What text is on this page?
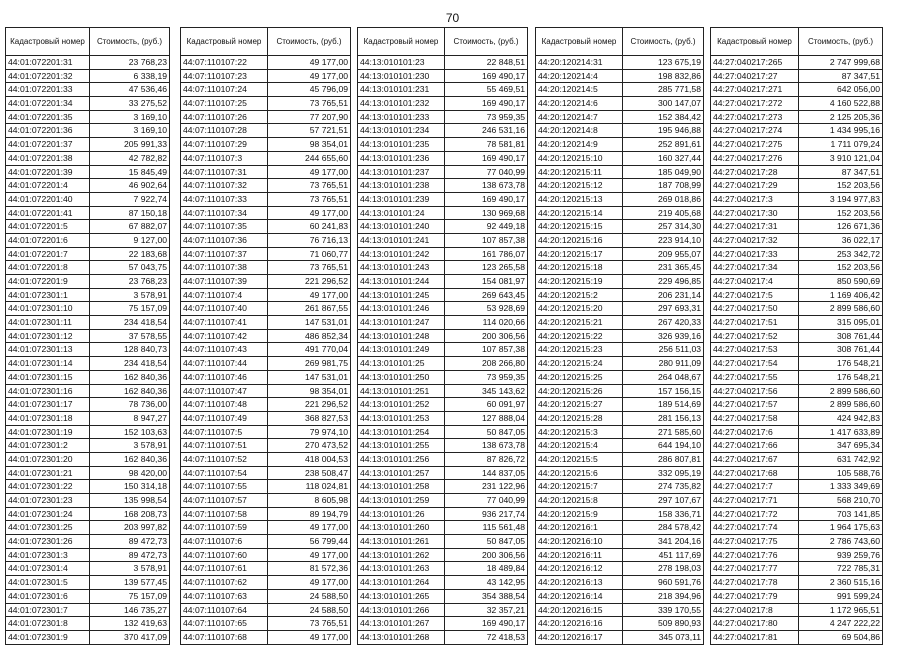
70
Кадастровый номер	Стоимость, (руб.)
44:01:072201:31	23 768,23
44:01:072201:32	6 338,19
44:01:072201:33	47 536,46
44:01:072201:34	33 275,52
44:01:072201:35	3 169,10
44:01:072201:36	3 169,10
44:01:072201:37	205 991,33
44:01:072201:38	42 782,82
44:01:072201:39	15 845,49
44:01:072201:4	46 902,64
44:01:072201:40	7 922,74
44:01:072201:41	87 150,18
44:01:072201:5	67 882,07
44:01:072201:6	9 127,00
44:01:072201:7	22 183,68
44:01:072201:8	57 043,75
44:01:072201:9	23 768,23
44:01:072301:1	3 578,91
44:01:072301:10	75 157,09
44:01:072301:11	234 418,54
44:01:072301:12	37 578,55
44:01:072301:13	128 840,73
44:01:072301:14	234 418,54
44:01:072301:15	162 840,36
44:01:072301:16	162 840,36
44:01:072301:17	78 736,00
44:01:072301:18	8 947,27
44:01:072301:19	152 103,63
44:01:072301:2	3 578,91
44:01:072301:20	162 840,36
44:01:072301:21	98 420,00
44:01:072301:22	150 314,18
44:01:072301:23	135 998,54
44:01:072301:24	168 208,73
44:01:072301:25	203 997,82
44:01:072301:26	89 472,73
44:01:072301:3	89 472,73
44:01:072301:4	3 578,91
44:01:072301:5	139 577,45
44:01:072301:6	75 157,09
44:01:072301:7	146 735,27
44:01:072301:8	132 419,63
44:01:072301:9	370 417,09
Кадастровый номер	Стоимость, (руб.)
44:07:110107:22	49 177,00
44:07:110107:23	49 177,00
44:07:110107:24	45 796,09
44:07:110107:25	73 765,51
44:07:110107:26	77 207,90
44:07:110107:28	57 721,51
44:07:110107:29	98 354,01
44:07:110107:3	244 655,60
44:07:110107:31	49 177,00
44:07:110107:32	73 765,51
44:07:110107:33	73 765,51
44:07:110107:34	49 177,00
44:07:110107:35	60 241,83
44:07:110107:36	76 716,13
44:07:110107:37	71 060,77
44:07:110107:38	73 765,51
44:07:110107:39	221 296,52
44:07:110107:4	49 177,00
44:07:110107:40	261 867,55
44:07:110107:41	147 531,01
44:07:110107:42	486 852,34
44:07:110107:43	491 770,04
44:07:110107:44	269 981,75
44:07:110107:46	147 531,01
44:07:110107:47	98 354,01
44:07:110107:48	221 296,52
44:07:110107:49	368 827,53
44:07:110107:5	79 974,10
44:07:110107:51	270 473,52
44:07:110107:52	418 004,53
44:07:110107:54	238 508,47
44:07:110107:55	118 024,81
44:07:110107:57	8 605,98
44:07:110107:58	89 194,79
44:07:110107:59	49 177,00
44:07:110107:6	56 799,44
44:07:110107:60	49 177,00
44:07:110107:61	81 572,36
44:07:110107:62	49 177,00
44:07:110107:63	24 588,50
44:07:110107:64	24 588,50
44:07:110107:65	73 765,51
44:07:110107:68	49 177,00
Кадастровый номер	Стоимость, (руб.)
44:13:010101:23	22 848,51
44:13:010101:230	169 490,17
44:13:010101:231	55 469,51
44:13:010101:232	169 490,17
44:13:010101:233	73 959,35
44:13:010101:234	246 531,16
44:13:010101:235	78 581,81
44:13:010101:236	169 490,17
44:13:010101:237	77 040,99
44:13:010101:238	138 673,78
44:13:010101:239	169 490,17
44:13:010101:24	130 969,68
44:13:010101:240	92 449,18
44:13:010101:241	107 857,38
44:13:010101:242	161 786,07
44:13:010101:243	123 265,58
44:13:010101:244	154 081,97
44:13:010101:245	269 643,45
44:13:010101:246	53 928,69
44:13:010101:247	114 020,66
44:13:010101:248	200 306,56
44:13:010101:249	107 857,38
44:13:010101:25	208 266,80
44:13:010101:250	73 959,35
44:13:010101:251	345 143,62
44:13:010101:252	60 091,97
44:13:010101:253	127 888,04
44:13:010101:254	50 847,05
44:13:010101:255	138 673,78
44:13:010101:256	87 826,72
44:13:010101:257	144 837,05
44:13:010101:258	231 122,96
44:13:010101:259	77 040,99
44:13:010101:26	936 217,74
44:13:010101:260	115 561,48
44:13:010101:261	50 847,05
44:13:010101:262	200 306,56
44:13:010101:263	18 489,84
44:13:010101:264	43 142,95
44:13:010101:265	354 388,54
44:13:010101:266	32 357,21
44:13:010101:267	169 490,17
44:13:010101:268	72 418,53
Кадастровый номер	Стоимость, (руб.)
44:20:120214:31	123 675,19
44:20:120214:4	198 832,86
44:20:120214:5	285 771,58
44:20:120214:6	300 147,07
44:20:120214:7	152 384,42
44:20:120214:8	195 946,88
44:20:120214:9	252 891,61
44:20:120215:10	160 327,44
44:20:120215:11	185 049,90
44:20:120215:12	187 708,99
44:20:120215:13	269 018,86
44:20:120215:14	219 405,68
44:20:120215:15	257 314,30
44:20:120215:16	223 914,10
44:20:120215:17	209 955,07
44:20:120215:18	231 365,45
44:20:120215:19	229 496,85
44:20:120215:2	206 231,14
44:20:120215:20	297 693,31
44:20:120215:21	267 420,33
44:20:120215:22	326 939,16
44:20:120215:23	256 511,03
44:20:120215:24	280 911,09
44:20:120215:25	264 048,67
44:20:120215:26	157 156,15
44:20:120215:27	189 514,69
44:20:120215:28	281 156,13
44:20:120215:3	271 585,60
44:20:120215:4	644 194,10
44:20:120215:5	286 807,81
44:20:120215:6	332 095,19
44:20:120215:7	274 735,82
44:20:120215:8	297 107,67
44:20:120215:9	158 336,71
44:20:120216:1	284 578,42
44:20:120216:10	341 204,16
44:20:120216:11	451 117,69
44:20:120216:12	278 198,03
44:20:120216:13	960 591,76
44:20:120216:14	218 394,96
44:20:120216:15	339 170,55
44:20:120216:16	509 890,93
44:20:120216:17	345 073,11
Кадастровый номер	Стоимость, (руб.)
44:27:040217:265	2 747 999,68
44:27:040217:27	87 347,51
44:27:040217:271	642 056,00
44:27:040217:272	4 160 522,88
44:27:040217:273	2 125 205,36
44:27:040217:274	1 434 995,16
44:27:040217:275	1 711 079,24
44:27:040217:276	3 910 121,04
44:27:040217:28	87 347,51
44:27:040217:29	152 203,56
44:27:040217:3	3 194 977,83
44:27:040217:30	152 203,56
44:27:040217:31	126 671,36
44:27:040217:32	36 022,17
44:27:040217:33	253 342,72
44:27:040217:34	152 203,56
44:27:040217:4	850 590,69
44:27:040217:5	1 169 406,42
44:27:040217:50	2 899 586,60
44:27:040217:51	315 095,01
44:27:040217:52	308 761,44
44:27:040217:53	308 761,44
44:27:040217:54	176 548,21
44:27:040217:55	176 548,21
44:27:040217:56	2 899 586,60
44:27:040217:57	2 899 586,60
44:27:040217:58	424 942,83
44:27:040217:6	1 417 633,89
44:27:040217:66	347 695,34
44:27:040217:67	631 742,92
44:27:040217:68	105 588,76
44:27:040217:7	1 333 349,69
44:27:040217:71	568 210,70
44:27:040217:72	703 141,85
44:27:040217:74	1 964 175,63
44:27:040217:75	2 786 743,60
44:27:040217:76	939 259,76
44:27:040217:77	722 785,31
44:27:040217:78	2 360 515,16
44:27:040217:79	991 599,24
44:27:040217:8	1 172 965,51
44:27:040217:80	4 247 222,22
44:27:040217:81	69 504,86
